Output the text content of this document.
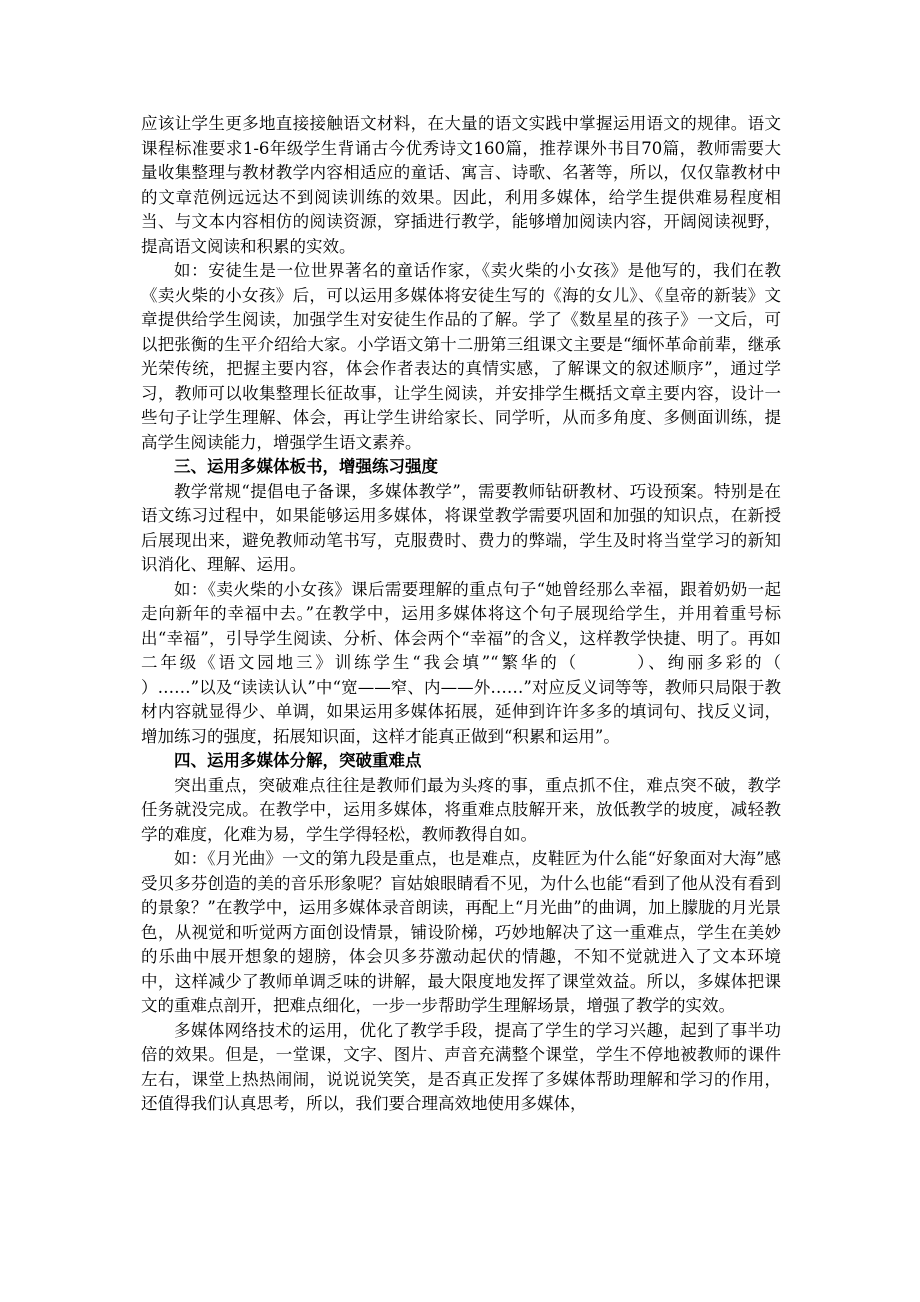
应该让学生更多地直接接触语文材料，在大量的语文实践中掌握运用语文的规律。语文课程标准要求1-6年级学生背诵古今优秀诗文160篇，推荐课外书目70篇，教师需要大量收集整理与教材教学内容相适应的童话、寓言、诗歌、名著等，所以，仅仅靠教材中的文章范例远远达不到阅读训练的效果。因此，利用多媒体，给学生提供难易程度相当、与文本内容相仿的阅读资源，穿插进行教学，能够增加阅读内容，开阔阅读视野，提高语文阅读和积累的实效。

如：安徒生是一位世界著名的童话作家，《卖火柴的小女孩》是他写的，我们在教《卖火柴的小女孩》后，可以运用多媒体将安徒生写的《海的女儿》、《皇帝的新装》文章提供给学生阅读，加强学生对安徒生作品的了解。学了《数星星的孩子》一文后，可以把张衡的生平介绍给大家。小学语文第十二册第三组课文主要是“缅怀革命前辈，继承光荣传统，把握主要内容，体会作者表达的真情实感，了解课文的叙述顺序”，通过学习，教师可以收集整理长征故事，让学生阅读，并安排学生概括文章主要内容，设计一些句子让学生理解、体会，再让学生讲给家长、同学听，从而多角度、多侧面训练，提高学生阅读能力，增强学生语文素养。

三、运用多媒体板书，增强练习强度

教学常规“提倡电子备课，多媒体教学”，需要教师钻研教材、巧设预案。特别是在语文练习过程中，如果能够运用多媒体，将课堂教学需要巩固和加强的知识点，在新授后展现出来，避免教师动笔书写，克服费时、费力的弊端，学生及时将当堂学习的新知识消化、理解、运用。

如：《卖火柴的小女孩》课后需要理解的重点句子“她曾经那么幸福，跟着奶奶一起走向新年的幸福中去。”在教学中，运用多媒体将这个句子展现给学生，并用着重号标出“幸福”，引导学生阅读、分析、体会两个“幸福”的含义，这样教学快捷、明了。再如二年级《语文园地三》训练学生“我会填”“繁华的（　　　）、绚丽多彩的（　　　）……”以及“读读认认”中“宽——窄、内——外……”对应反义词等等，教师只局限于教材内容就显得少、单调，如果运用多媒体拓展，延伸到许许多多的填词句、找反义词，增加练习的强度，拓展知识面，这样才能真正做到“积累和运用”。

四、运用多媒体分解，突破重难点

突出重点，突破难点往往是教师们最为头疼的事，重点抓不住，难点突不破，教学任务就没完成。在教学中，运用多媒体，将重难点肢解开来，放低教学的坡度，减轻教学的难度，化难为易，学生学得轻松，教师教得自如。

如：《月光曲》一文的第九段是重点，也是难点，皮鞋匠为什么能“好象面对大海”感受贝多芬创造的美的音乐形象呢？盲姑娘眼睛看不见，为什么也能“看到了他从没有看到的景象？”在教学中，运用多媒体录音朗读，再配上“月光曲”的曲调，加上朦胧的月光景色，从视觉和听觉两方面创设情景，铺设阶梯，巧妙地解决了这一重难点，学生在美妙的乐曲中展开想象的翅膀，体会贝多芬激动起伏的情趣，不知不觉就进入了文本环境中，这样减少了教师单调乏味的讲解，最大限度地发挥了课堂效益。所以，多媒体把课文的重难点剖开，把难点细化，一步一步帮助学生理解场景，增强了教学的实效。

多媒体网络技术的运用，优化了教学手段，提高了学生的学习兴趣，起到了事半功倍的效果。但是，一堂课，文字、图片、声音充满整个课堂，学生不停地被教师的课件左右，课堂上热热闹闹，说说说笑笑，是否真正发挥了多媒体帮助理解和学习的作用，还值得我们认真思考，所以，我们要合理高效地使用多媒体，
